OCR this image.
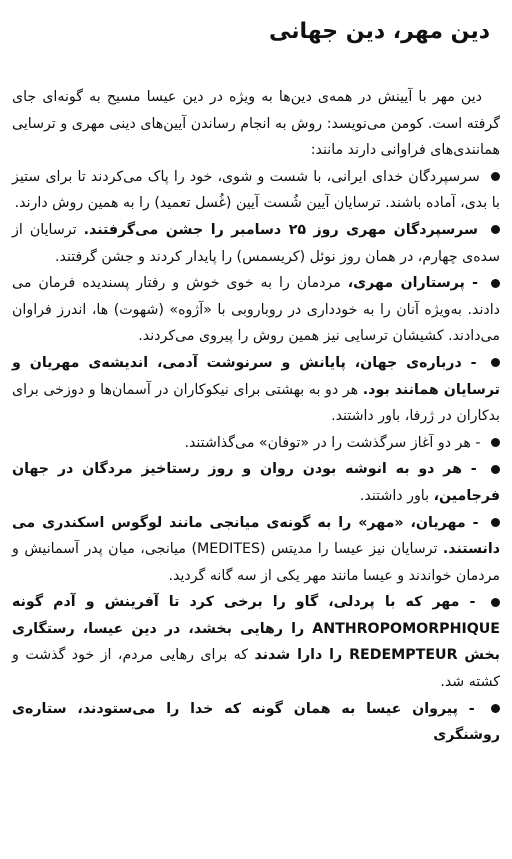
دین مهر، دین جهانی

دین مهر با آیینش در همه‌ی دین‌ها به ویژه در دین عیسا مسیح به گونه‌ای جای گرفته است. کومن می‌نویسد: روش به انجام رساندن آیین‌های دینی مهری و ترسایی همانندی‌های فراوانی دارند مانند:

سرسپردگان خدای ایرانی، با شست و شوی، خود را پاک می‌کردند تا برای ستیز با بدی، آماده باشند. ترسایان آیین شُست آیین (غُسل تعمید) را به همین روش دارند.

سرسپردگان مهری روز ۲۵ دسامبر را جشن می‌گرفتند. ترسایان از سده‌ی چهارم، در همان روز نوئل (کریسمس) را پایدار کردند و جشن گرفتند.

- پرستاران مهری، مردمان را به خوی خوش و رفتار پسندیده فرمان می دادند. به‌ویژه آنان را به خودداری در روباروبی با «آژوه» (شهوت) ها، اندرز فراوان می‌دادند. کشیشان ترسایی نیز همین روش را پیروی می‌کردند.

- درباره‌ی جهان، پایانش و سرنوشت آدمی، اندیشه‌ی مهریان و ترسایان همانند بود. هر دو به بهشتی برای نیکوکاران در آسمان‌ها و دوزخی برای بدکاران در ژرفا، باور داشتند.

- هر دو آغاز سرگذشت را در «توفان» می‌گذاشتند.

- هر دو به انوشه بودن روان و روز رستاخیز مردگان در جهان فرجامین، باور داشتند.

- مهریان، «مهر» را به گونه‌ی میانجی مانند لوگوس اسکندری می دانستند. ترسایان نیز عیسا را مدیتس (MEDITES) میانجی، میان پدر آسمانیش و مردمان خواندند و عیسا مانند مهر یکی از سه گانه گردید.

- مهر که با پردلی، گاو را برخی کرد تا آفرینش و آدم گونه ANTHROPOMORPHIQUE را رهایی بخشد، در دین عیسا، رستگاری بخش REDEMPTEUR را دارا شدند که برای رهایی مردم، از خود گذشت و کشته شد.

- پیروان عیسا به همان گونه که خدا را می‌ستودند، ستاره‌ی روشنگری
